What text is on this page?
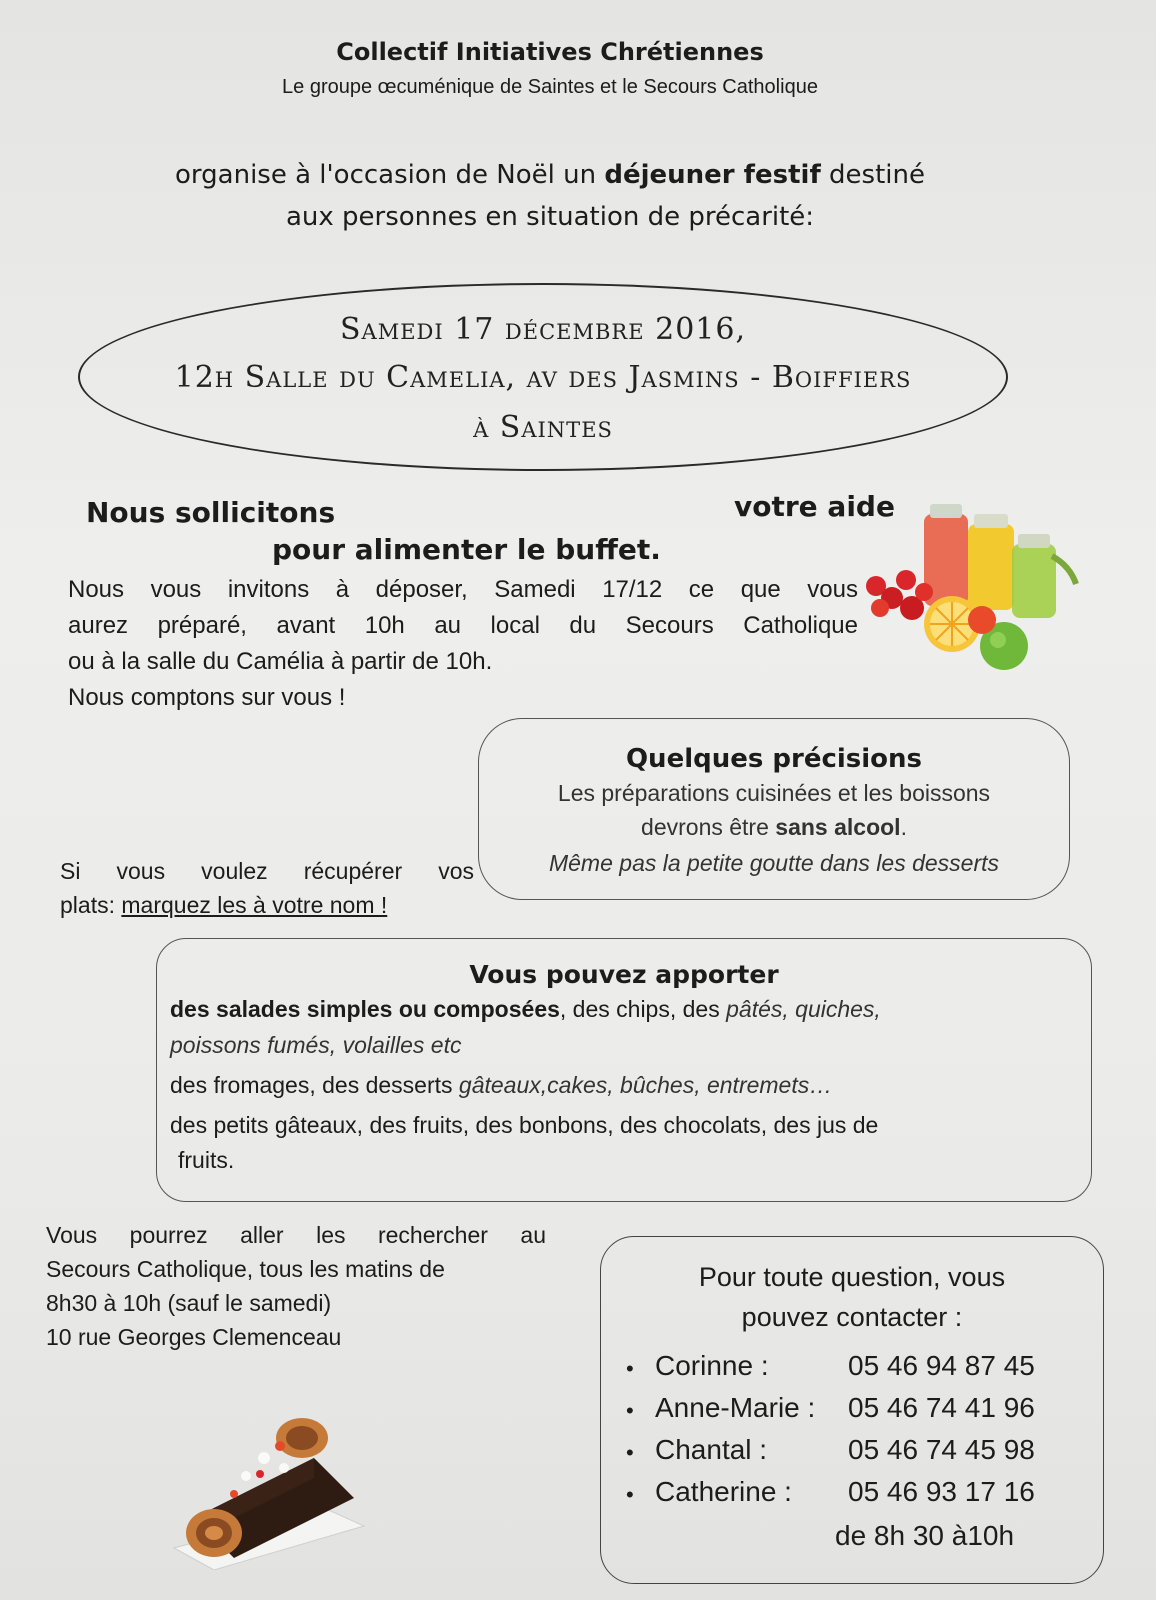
Collectif Initiatives Chrétiennes
Le groupe œcuménique de Saintes et le Secours Catholique
organise à l'occasion de Noël un déjeuner festif destiné
aux personnes en situation de précarité:
Samedi 17 décembre 2016,
12h Salle du Camelia, av des Jasmins - Boiffiers
à Saintes
Nous sollicitons	votre aide
pour alimenter le buffet.
Nous vous invitons à déposer, Samedi 17/12 ce que vous
aurez préparé, avant 10h au local du Secours Catholique
ou à la salle du Camélia à partir de 10h.
Nous comptons sur vous !
Quelques précisions
Les préparations cuisinées et les boissons
devrons être sans alcool.
Même pas la petite goutte dans les desserts
Si vous voulez récupérer vos
plats: marquez les à votre nom !
Vous pouvez apporter
des salades simples ou composées, des chips, des pâtés, quiches,
poissons fumés, volailles etc
des fromages, des desserts gâteaux,cakes, bûches, entremets…
des petits gâteaux, des fruits, des bonbons, des chocolats, des jus de
fruits.
Vous pourrez aller les rechercher au
Secours Catholique, tous les matins de
8h30 à 10h (sauf le samedi)
10 rue Georges Clemenceau
Pour toute question, vous
pouvez contacter :
• Corinne :	05 46 94 87 45
• Anne-Marie : 05 46 74 41 96
• Chantal :	05 46 74 45 98
• Catherine : 05 46 93 17 16
de 8h 30 à10h
